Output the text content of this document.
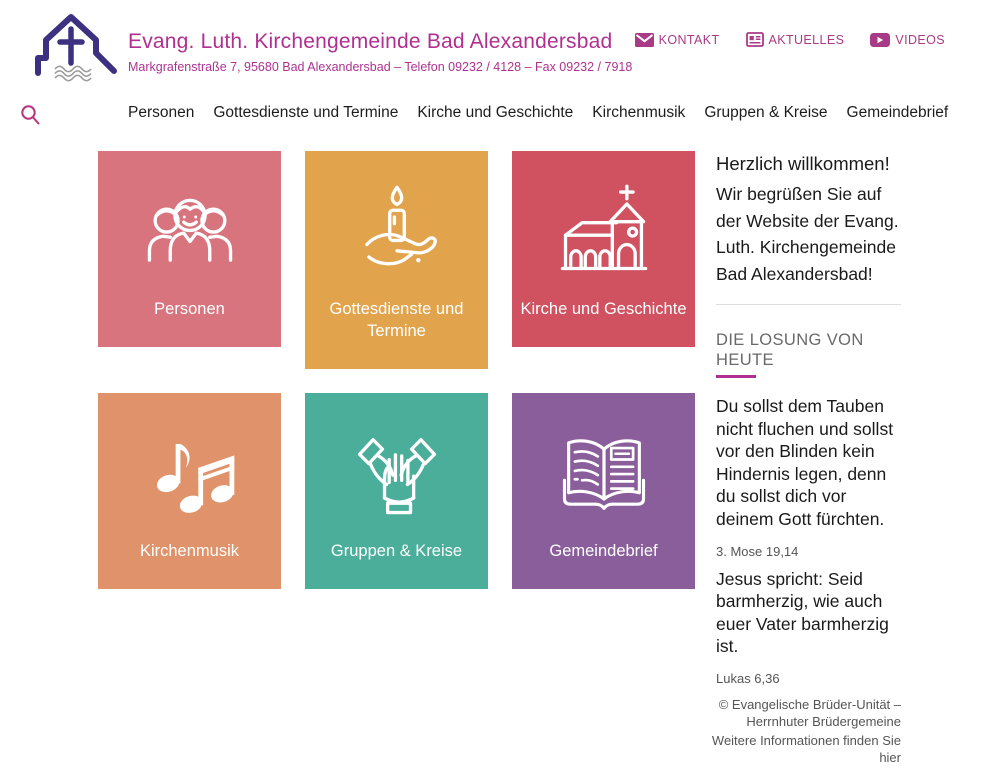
Evang. Luth. Kirchengemeinde Bad Alexandersbad
Markgrafenstraße 7, 95680 Bad Alexandersbad – Telefon 09232 / 4128 – Fax 09232 / 7918
KONTAKT	AKTUELLES	VIDEOS
Personen Gottesdienste und Termine Kirche und Geschichte Kirchenmusik Gruppen & Kreise Gemeindebrief
Personen	Gottesdienste und Termine
Kirche und Geschichte
Kirchenmusik	Gruppen & Kreise	Gemeindebrief
Herzlich willkommen!

Wir begrüßen Sie auf der Website der Evang. Luth. Kirchengemeinde Bad Alexandersbad!

DIE LOSUNG VON HEUTE

Du sollst dem Tauben nicht fluchen und sollst vor den Blinden kein Hindernis legen, denn du sollst dich vor deinem Gott fürchten.

3. Mose 19,14

Jesus spricht: Seid barmherzig, wie auch euer Vater barmherzig ist.

Lukas 6,36

© Evangelische Brüder-Unität – Herrnhuter Brüdergemeine

Weitere Informationen finden Sie hier
